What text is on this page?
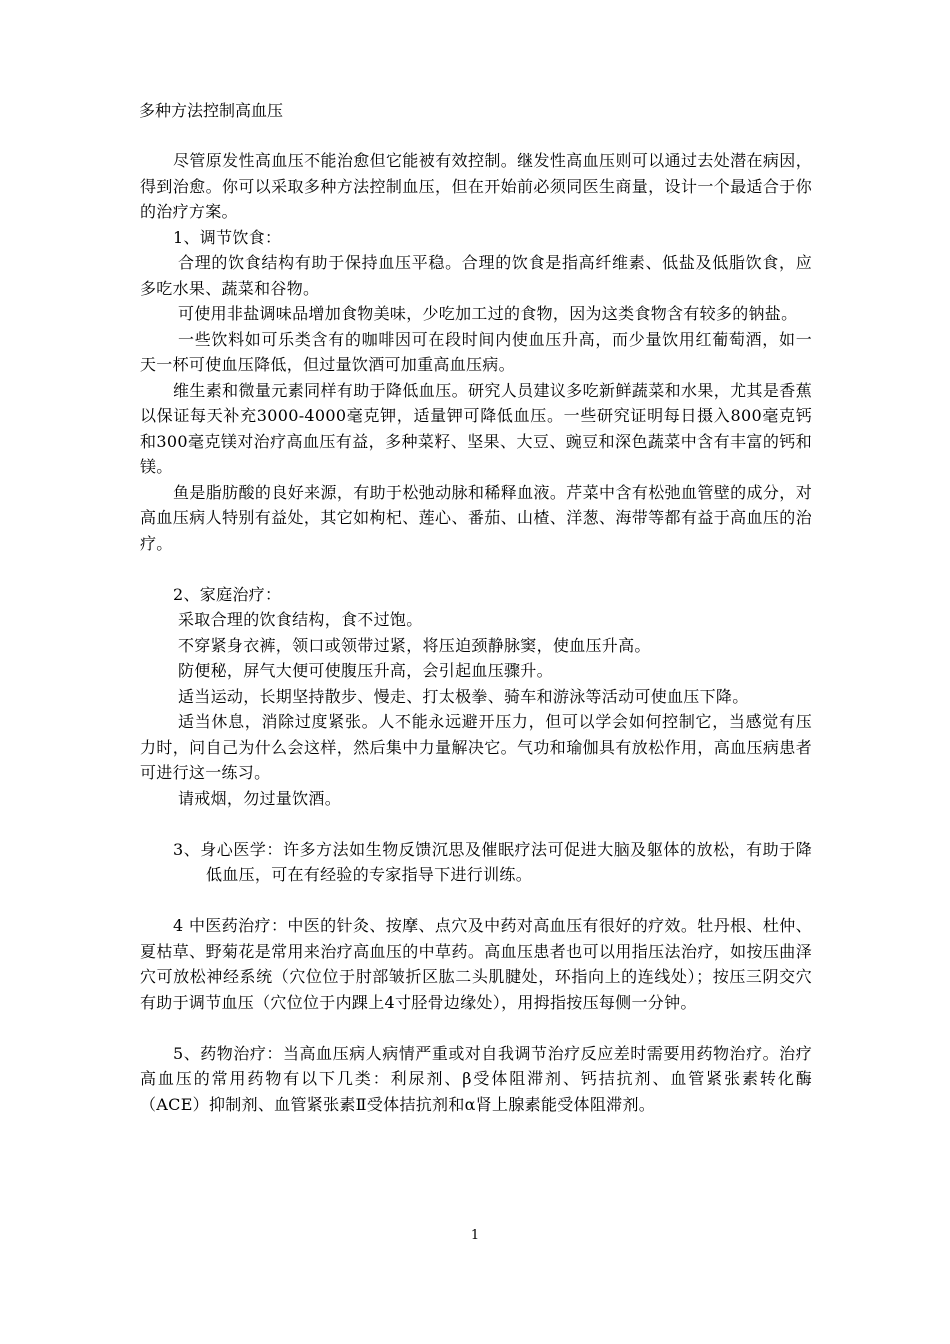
多种方法控制高血压

尽管原发性高血压不能治愈但它能被有效控制。继发性高血压则可以通过去处潜在病因，得到治愈。你可以采取多种方法控制血压，但在开始前必须同医生商量，设计一个最适合于你的治疗方案。

1、调节饮食：

合理的饮食结构有助于保持血压平稳。合理的饮食是指高纤维素、低盐及低脂饮食，应多吃水果、蔬菜和谷物。

可使用非盐调味品增加食物美味，少吃加工过的食物，因为这类食物含有较多的钠盐。

一些饮料如可乐类含有的咖啡因可在段时间内使血压升高，而少量饮用红葡萄酒，如一天一杯可使血压降低，但过量饮酒可加重高血压病。

维生素和微量元素同样有助于降低血压。研究人员建议多吃新鲜蔬菜和水果，尤其是香蕉以保证每天补充3000-4000毫克钾，适量钾可降低血压。一些研究证明每日摄入800毫克钙和300毫克镁对治疗高血压有益，多种菜籽、坚果、大豆、豌豆和深色蔬菜中含有丰富的钙和镁。

鱼是脂肪酸的良好来源，有助于松弛动脉和稀释血液。芹菜中含有松弛血管壁的成分，对高血压病人特别有益处，其它如枸杞、莲心、番茄、山楂、洋葱、海带等都有益于高血压的治疗。

2、家庭治疗：

采取合理的饮食结构，食不过饱。

不穿紧身衣裤，领口或领带过紧，将压迫颈静脉窦，使血压升高。

防便秘，屏气大便可使腹压升高，会引起血压骤升。

适当运动，长期坚持散步、慢走、打太极拳、骑车和游泳等活动可使血压下降。

适当休息，消除过度紧张。人不能永远避开压力，但可以学会如何控制它，当感觉有压力时，问自己为什么会这样，然后集中力量解决它。气功和瑜伽具有放松作用，高血压病患者可进行这一练习。

请戒烟，勿过量饮酒。

3、身心医学：许多方法如生物反馈沉思及催眠疗法可促进大脑及躯体的放松，有助于降低血压，可在有经验的专家指导下进行训练。

4 中医药治疗：中医的针灸、按摩、点穴及中药对高血压有很好的疗效。牡丹根、杜仲、夏枯草、野菊花是常用来治疗高血压的中草药。高血压患者也可以用指压法治疗，如按压曲泽穴可放松神经系统（穴位位于肘部皱折区肱二头肌腱处，环指向上的连线处）；按压三阴交穴有助于调节血压（穴位位于内踝上4寸胫骨边缘处），用拇指按压每侧一分钟。

5、药物治疗：当高血压病人病情严重或对自我调节治疗反应差时需要用药物治疗。治疗高血压的常用药物有以下几类：利尿剂、β受体阻滞剂、钙拮抗剂、血管紧张素转化酶（ACE）抑制剂、血管紧张素Ⅱ受体拮抗剂和α肾上腺素能受体阻滞剂。

1
